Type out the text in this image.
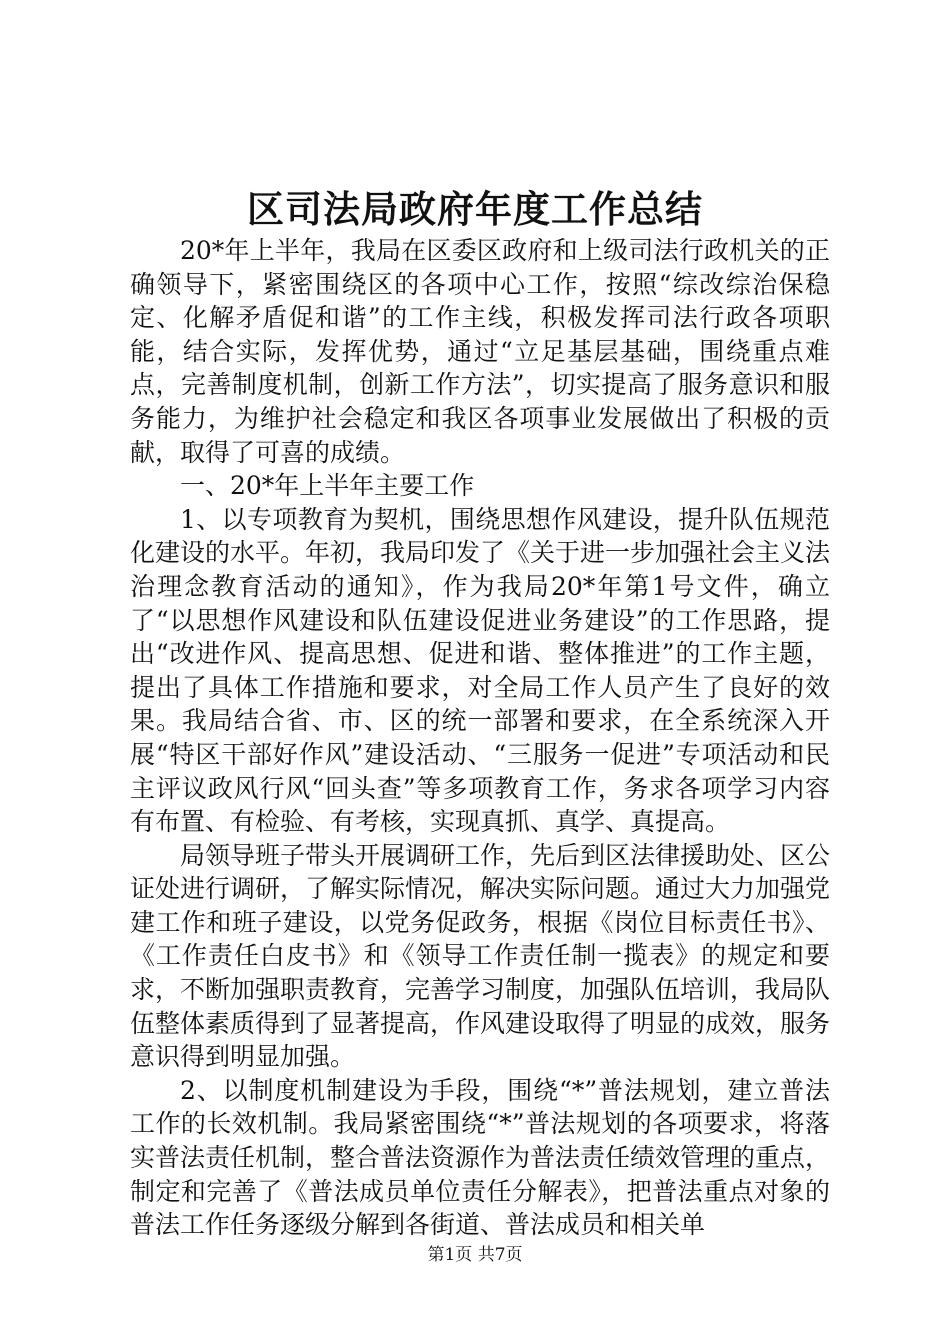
区司法局政府年度工作总结

20*年上半年，我局在区委区政府和上级司法行政机关的正确领导下，紧密围绕区的各项中心工作，按照“综改综治保稳定、化解矛盾促和谐”的工作主线，积极发挥司法行政各项职能，结合实际，发挥优势，通过“立足基层基础，围绕重点难点，完善制度机制，创新工作方法”，切实提高了服务意识和服务能力，为维护社会稳定和我区各项事业发展做出了积极的贡献，取得了可喜的成绩。

一、20*年上半年主要工作

1、以专项教育为契机，围绕思想作风建设，提升队伍规范化建设的水平。年初，我局印发了《关于进一步加强社会主义法治理念教育活动的通知》，作为我局20*年第1号文件，确立了“以思想作风建设和队伍建设促进业务建设”的工作思路，提出“改进作风、提高思想、促进和谐、整体推进”的工作主题，提出了具体工作措施和要求，对全局工作人员产生了良好的效果。我局结合省、市、区的统一部署和要求，在全系统深入开展“特区干部好作风”建设活动、“三服务一促进”专项活动和民主评议政风行风“回头查”等多项教育工作，务求各项学习内容有布置、有检验、有考核，实现真抓、真学、真提高。

局领导班子带头开展调研工作，先后到区法律援助处、区公证处进行调研，了解实际情况，解决实际问题。通过大力加强党建工作和班子建设，以党务促政务，根据《岗位目标责任书》、《工作责任白皮书》和《领导工作责任制一揽表》的规定和要求，不断加强职责教育，完善学习制度，加强队伍培训，我局队伍整体素质得到了显著提高，作风建设取得了明显的成效，服务意识得到明显加强。

2、以制度机制建设为手段，围绕“*”普法规划，建立普法工作的长效机制。我局紧密围绕“*”普法规划的各项要求，将落实普法责任机制，整合普法资源作为普法责任绩效管理的重点，制定和完善了《普法成员单位责任分解表》，把普法重点对象的普法工作任务逐级分解到各街道、普法成员和相关单

第1页 共7页
